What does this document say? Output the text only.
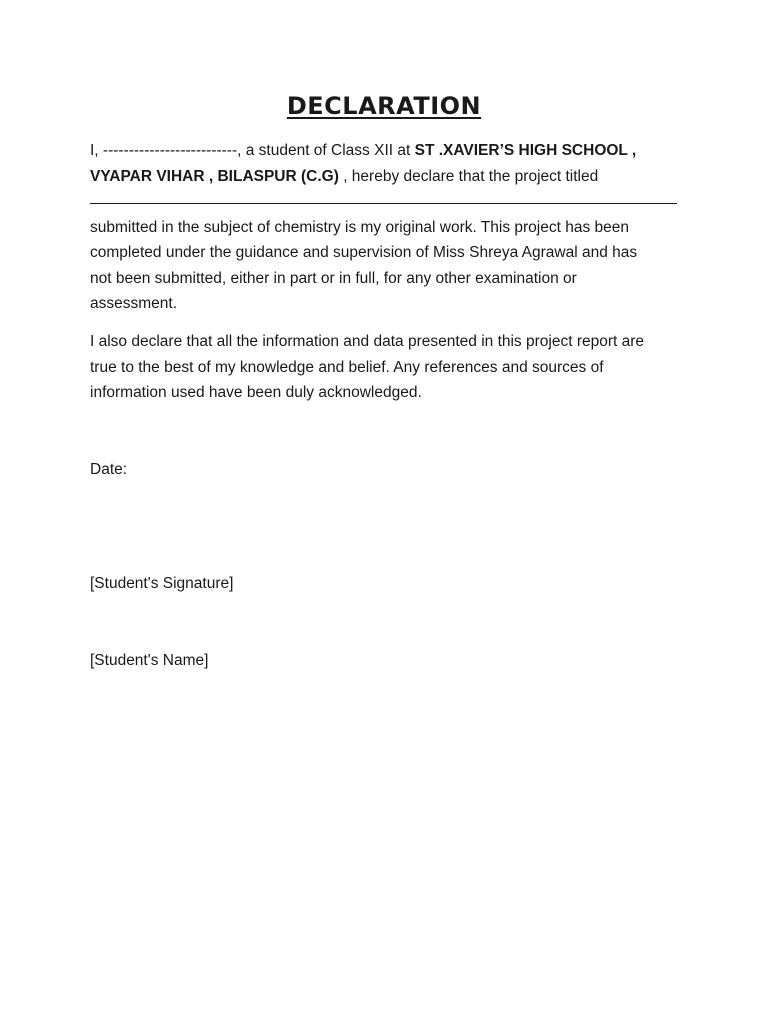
DECLARATION
I, --------------------------, a student of Class XII at ST .XAVIER’S HIGH SCHOOL ,
VYAPAR VIHAR , BILASPUR (C.G) , hereby declare that the project titled
submitted in the subject of chemistry is my original work. This project has been
completed under the guidance and supervision of Miss Shreya Agrawal and has
not been submitted, either in part or in full, for any other examination or
assessment.
I also declare that all the information and data presented in this project report are
true to the best of my knowledge and belief. Any references and sources of
information used have been duly acknowledged.
Date:
[Student's Signature]
[Student's Name]
